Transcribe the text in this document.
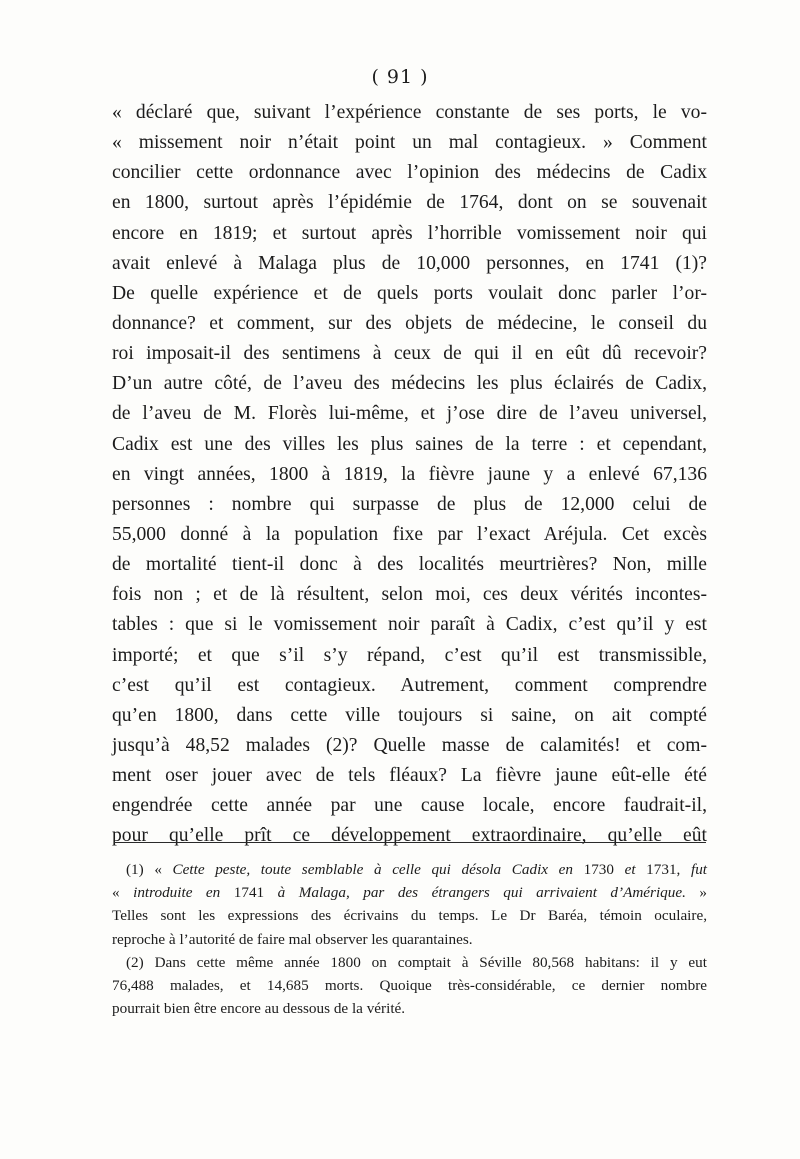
( 91 )
« déclaré que, suivant l’expérience constante de ses ports, le vo-
« missement noir n’était point un mal contagieux. » Comment
concilier cette ordonnance avec l’opinion des médecins de Cadix
en 1800, surtout après l’épidémie de 1764, dont on se souvenait
encore en 1819; et surtout après l’horrible vomissement noir qui
avait enlevé à Malaga plus de 10,000 personnes, en 1741 (1)?
De quelle expérience et de quels ports voulait donc parler l’or-
donnance? et comment, sur des objets de médecine, le conseil du
roi imposait-il des sentimens à ceux de qui il en eût dû recevoir?
D’un autre côté, de l’aveu des médecins les plus éclairés de Cadix,
de l’aveu de M. Florès lui-même, et j’ose dire de l’aveu universel,
Cadix est une des villes les plus saines de la terre : et cependant,
en vingt années, 1800 à 1819, la fièvre jaune y a enlevé 67,136
personnes : nombre qui surpasse de plus de 12,000 celui de
55,000 donné à la population fixe par l’exact Aréjula. Cet excès
de mortalité tient-il donc à des localités meurtrières? Non, mille
fois non ; et de là résultent, selon moi, ces deux vérités incontes-
tables : que si le vomissement noir paraît à Cadix, c’est qu’il y est
importé; et que s’il s’y répand, c’est qu’il est transmissible,
c’est qu’il est contagieux. Autrement, comment comprendre
qu’en 1800, dans cette ville toujours si saine, on ait compté
jusqu’à 48,52 malades (2)? Quelle masse de calamités! et com-
ment oser jouer avec de tels fléaux? La fièvre jaune eût-elle été
engendrée cette année par une cause locale, encore faudrait-il,
pour qu’elle prît ce développement extraordinaire, qu’elle eût
(1) « Cette peste, toute semblable à celle qui désola Cadix en 1730 et 1731, fut
« introduite en 1741 à Malaga, par des étrangers qui arrivaient d’Amérique. »
Telles sont les expressions des écrivains du temps. Le Dr Baréa, témoin oculaire,
reproche à l’autorité de faire mal observer les quarantaines.
(2) Dans cette même année 1800 on comptait à Séville 80,568 habitans: il y eut
76,488 malades, et 14,685 morts. Quoique très-considérable, ce dernier nombre
pourrait bien être encore au dessous de la vérité.
